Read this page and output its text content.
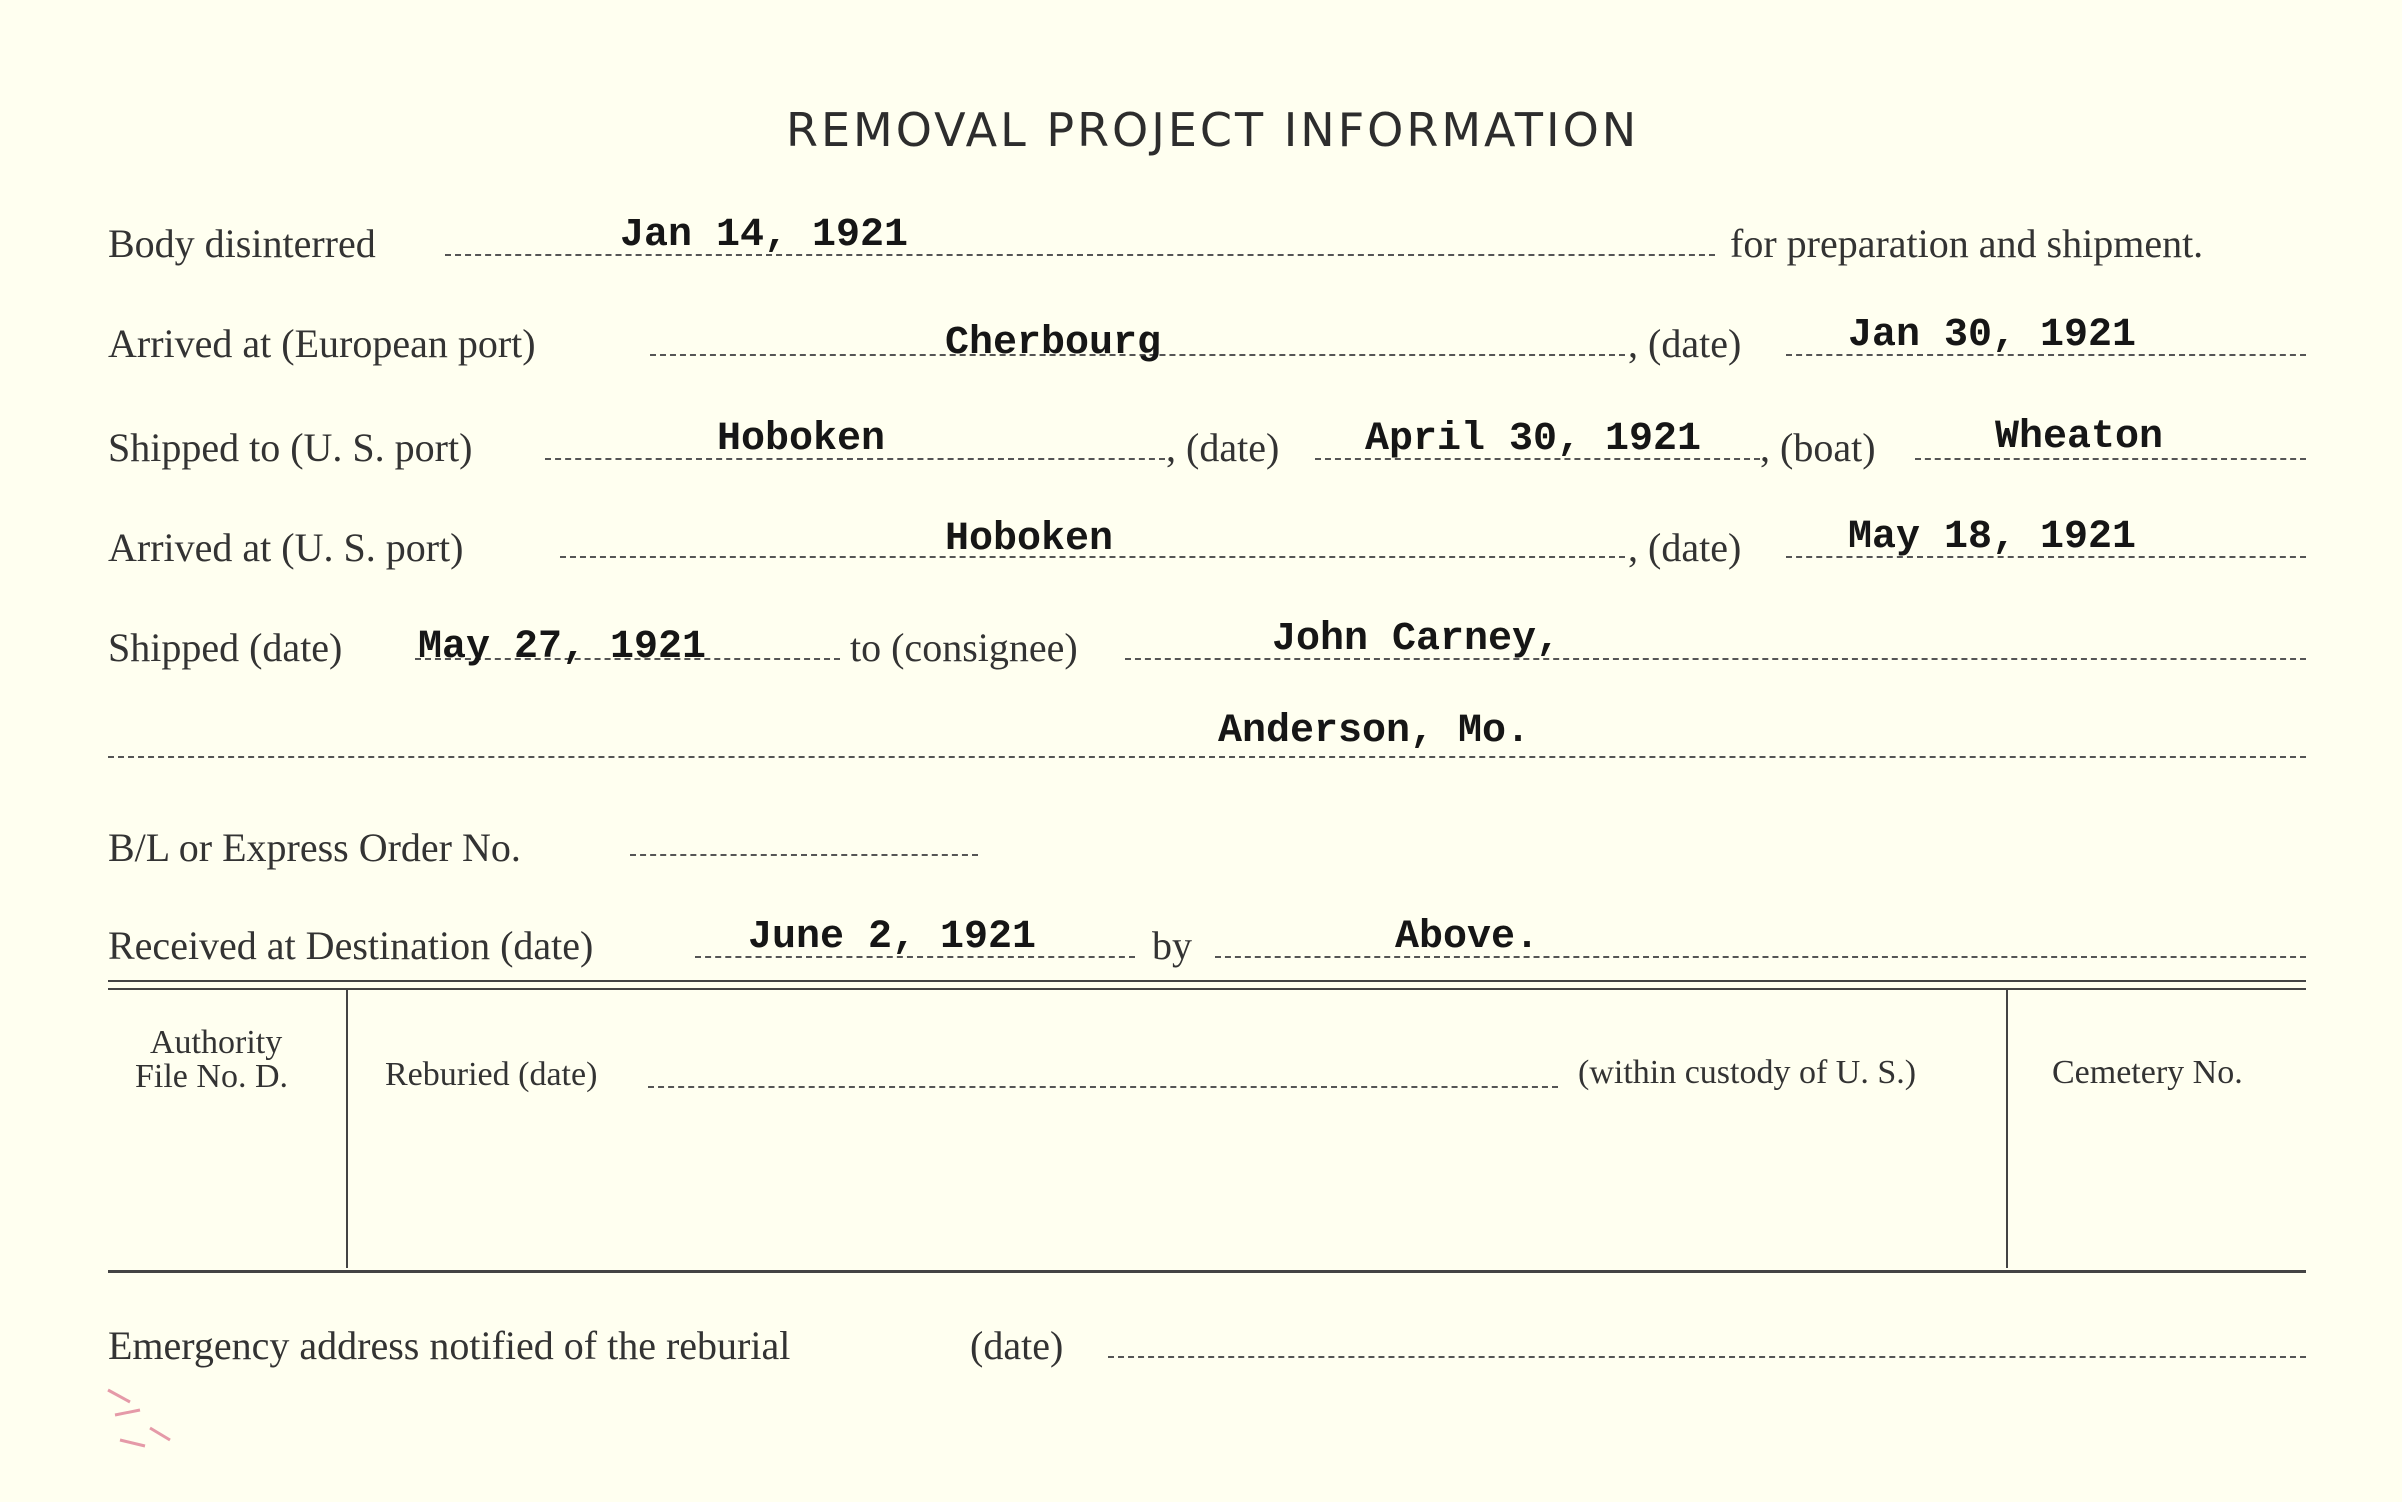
REMOVAL PROJECT INFORMATION
Body disinterred	Jan 14, 1921	for preparation and shipment.
Arrived at (European port)	Cherbourg	, (date)	Jan 30, 1921
Shipped to (U. S. port)	Hoboken	, (date) April 30, 1921 , (boat)	Wheaton
Arrived at (U. S. port)	Hoboken	, (date)	May 18, 1921
Shipped (date) May 27, 1921	to (consignee)	John Carney,
Anderson, Mo.
B/L or Express Order No.
Received at Destination (date)	June 2, 1921	by	Above.
Authority
File No. D.	Reburied (date)	(within custody of U. S.)	Cemetery No.
Emergency address notified of the reburial	(date)
